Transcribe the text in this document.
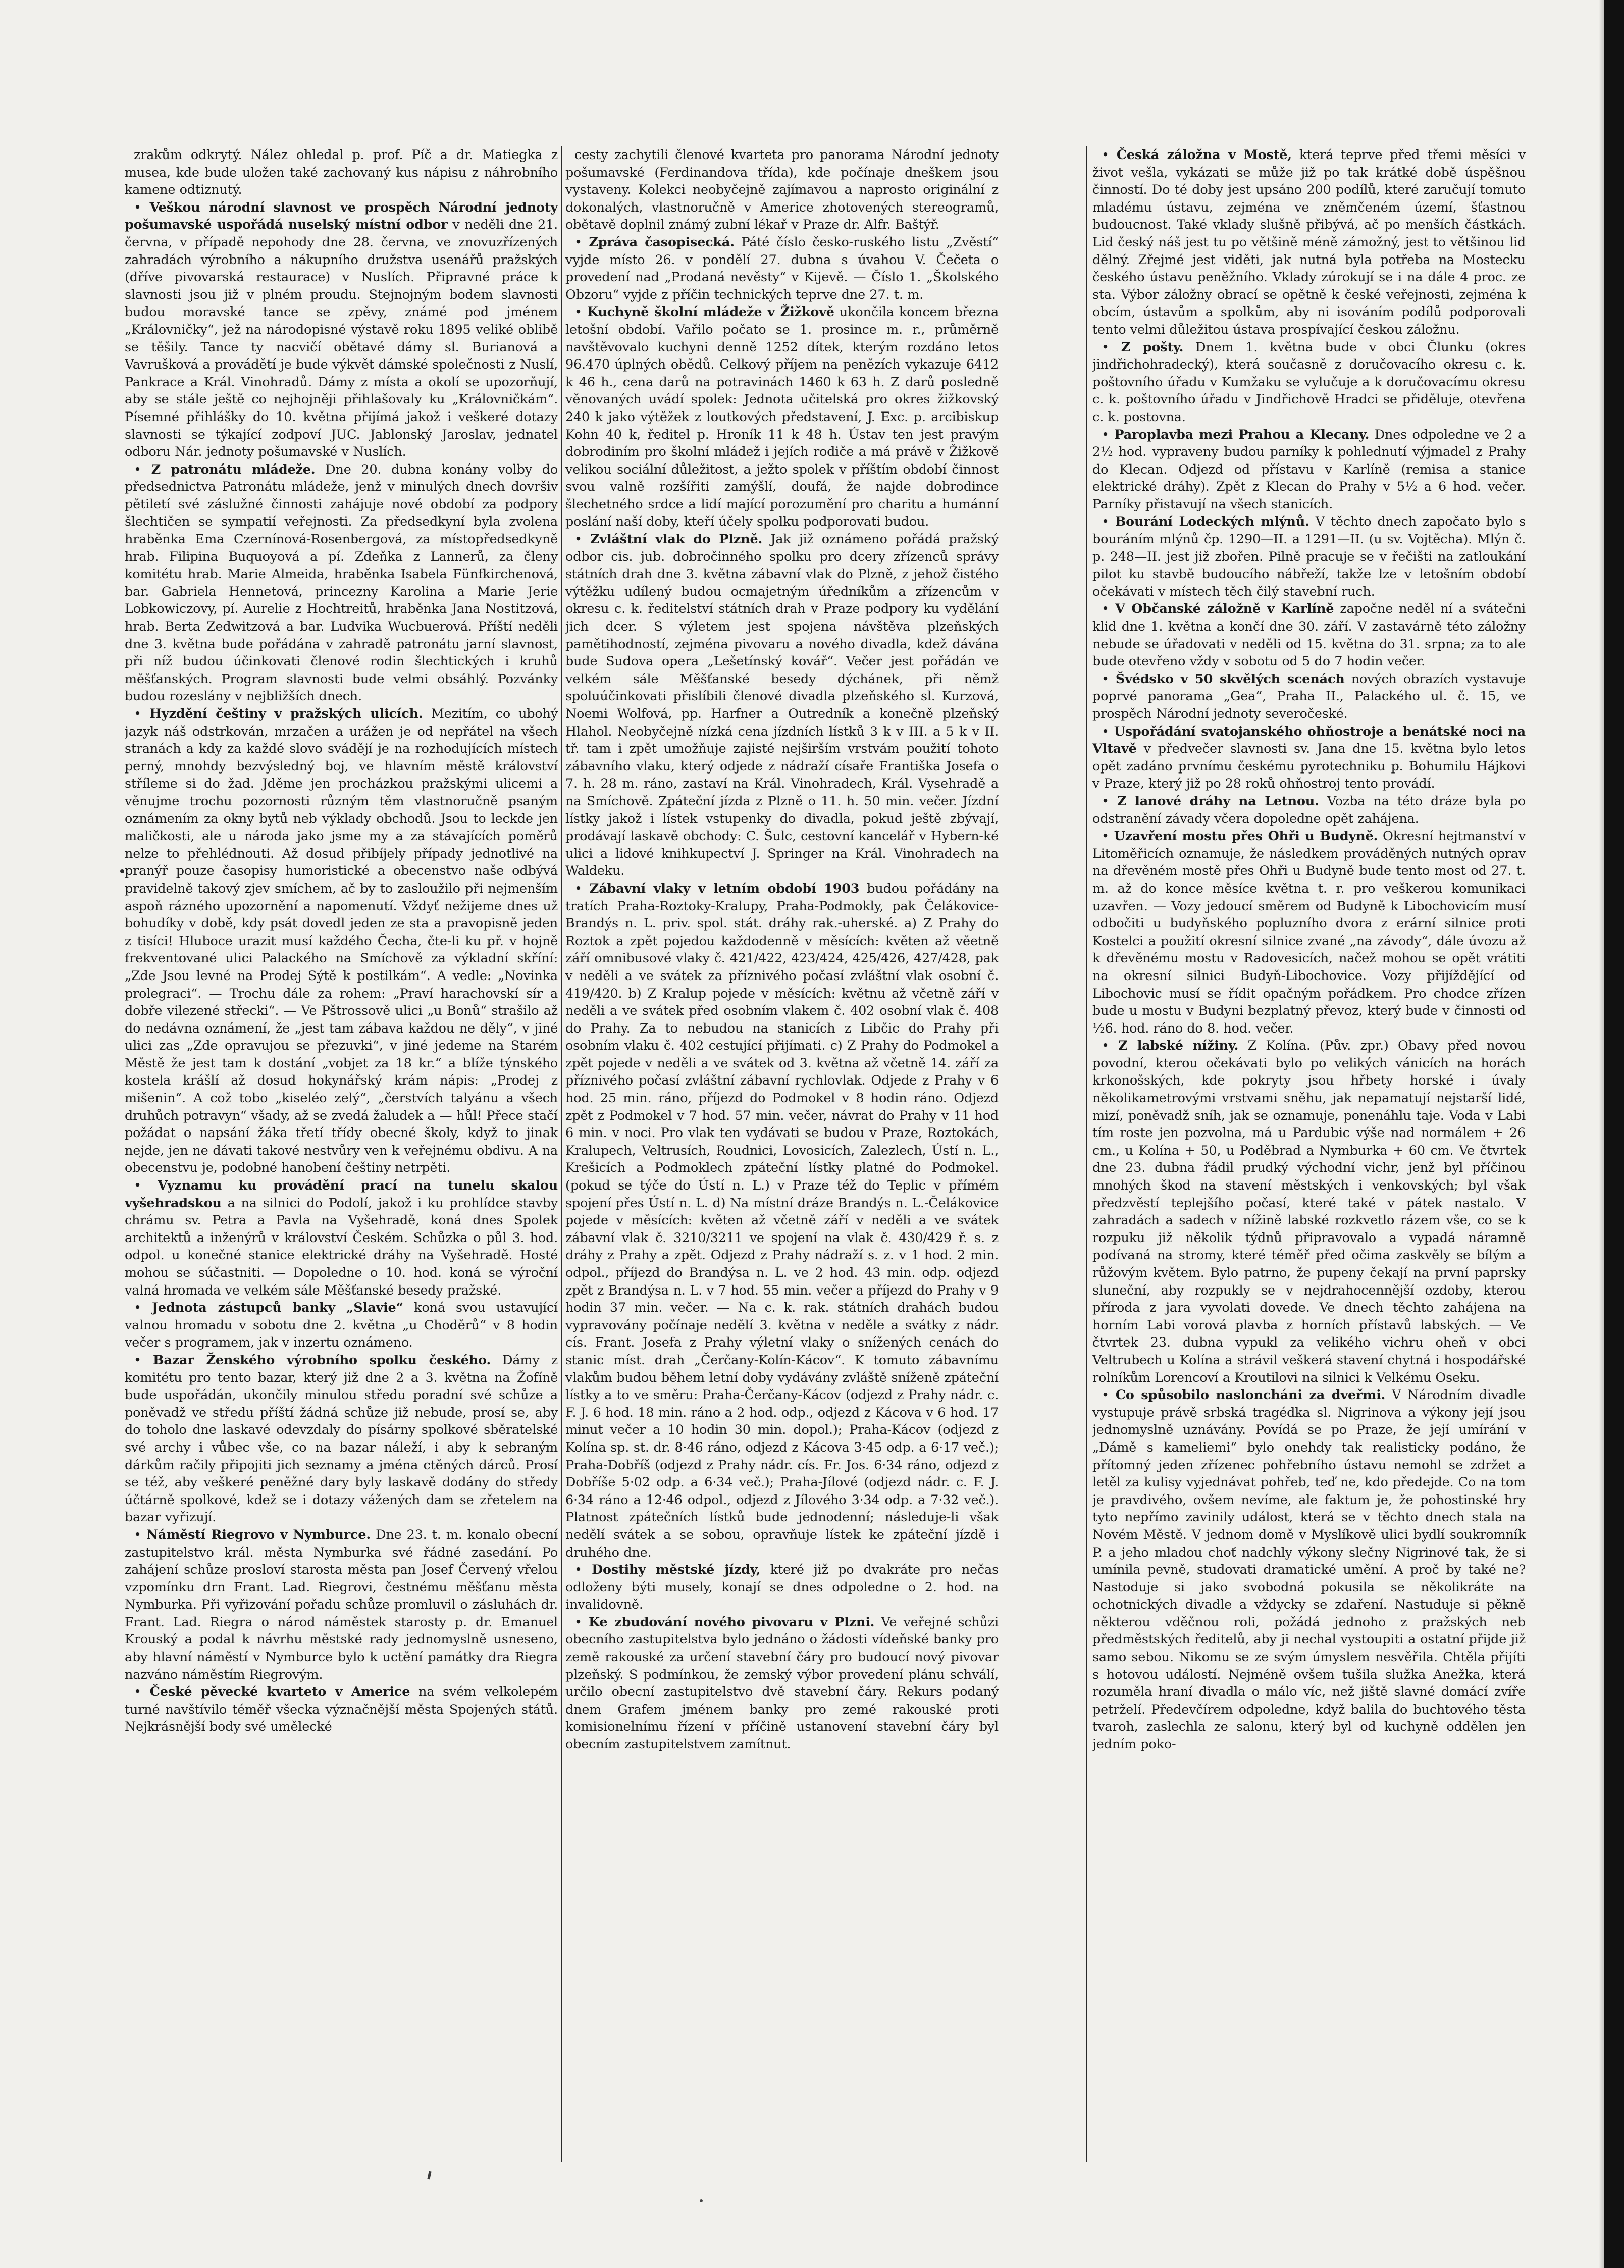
zrakům odkrytý. Nález ohledal p. prof. Píč a dr. Matiegka z musea, kde bude uložen také zachovaný kus nápisu z náhrobního kamene odtiznutý.

• Veškou národní slavnost ve prospěch Národní jednoty pošumavské uspořádá nuselský místní odbor v neděli dne 21. června, v případě nepohody dne 28. června, ve znovuzřízených zahradách výrobního a nákupního družstva usenářů pražských (dříve pivovarská restaurace) v Nuslích. Připravné práce k slavnosti jsou již v plném proudu. Stejnojným bodem slavnosti budou moravské tance se zpěvy, známé pod jménem „Královničky“, jež na národopisné výstavě roku 1895 veliké oblibě se těšily. Tance ty nacvičí obětavé dámy sl. Burianová a Vavrušková a provádětí je bude výkvět dámské společnosti z Nuslí, Pankrace a Král. Vinohradů. Dámy z místa a okolí se upozorňují, aby se stále ještě co nejhojněji přihlašovaly ku „Královničkám“. Písemné přihlášky do 10. května přijímá jakož i veškeré dotazy slavnosti se týkající zodpoví JUC. Jablonský Jaroslav, jednatel odboru Nár. jednoty pošumavské v Nuslích.

• Z patronátu mládeže. Dne 20. dubna konány volby do předsednictva Patronátu mládeže, jenž v minulých dnech dovršiv pětiletí své záslužné činnosti zahájuje nové období za podpory šlechtičen se sympatií veřejnosti. Za předsedkyní byla zvolena hraběnka Ema Czernínová-Rosenbergová, za místopředsedkyně hrab. Filipina Buquoyová a pí. Zdeňka z Lannerů, za členy komitétu hrab. Marie Almeida, hraběnka Isabela Fünfkirchenová, bar. Gabriela Hennetová, princezny Karolina a Marie Jerie Lobkowiczovy, pí. Aurelie z Hochtreitů, hraběnka Jana Nostitzová, hrab. Berta Zedwitzová a bar. Ludvika Wucbuerová. Příští neděli dne 3. května bude pořádána v zahradě patronátu jarní slavnost, při níž budou účinkovati členové rodin šlechtických i kruhů měšťanských. Program slavnosti bude velmi obsáhlý. Pozvánky budou rozeslány v nejbližších dnech.

• Hyzdění češtiny v pražských ulicích. Mezitím, co ubohý jazyk náš odstrkován, mrzačen a urážen je od nepřátel na všech stranách a kdy za každé slovo svádějí je na rozhodujících místech perný, mnohdy bezvýsledný boj, ve hlavním městě království stříleme si do žad. Jděme jen procházkou pražskými ulicemi a věnujme trochu pozornosti různým těm vlastnoručně psaným oznámením za okny bytů neb výklady obchodů. Jsou to leckde jen maličkosti, ale u národa jako jsme my a za stávajících poměrů nelze to přehlédnouti. Až dosud přibíjely případy jednotlivé na pranýř pouze časopisy humoristické a obecenstvo naše odbývá pravidelně takový zjev smíchem, ač by to zasloužilo při nejmenším aspoň rázného upozornění a napomenutí. Vždyť nežijeme dnes už bohudíky v době, kdy psát dovedl jeden ze sta a pravopisně jeden z tisíci! Hluboce urazit musí každého Čecha, čte-li ku př. v hojně frekventované ulici Palackého na Smíchově za výkladní skříní: „Zde Jsou levné na Prodej Sýtě k postilkám“. A vedle: „Novinka prolegraci“. — Trochu dále za rohem: „Praví harachovskí sír a dobře vilezené střecki“. — Ve Pštrossově ulici „u Bonů“ strašilo až do nedávna oznámení, že „jest tam zábava každou ne děly“, v jiné ulici zas „Zde opravujou se přezuvki“, v jiné jedeme na Starém Městě že jest tam k dostání „vobjet za 18 kr.“ a blíže týnského kostela krášlí až dosud hokynářský krám nápis: „Prodej z mišenin“. A což tobo „kiseléo zelý“, „čerstvích talyánu a všech druhůch potravyn“ všady, až se zvedá žaludek a — hůl! Přece stačí požádat o napsání žáka třetí třídy obecné školy, když to jinak nejde, jen ne dávati takové nestvůry ven k veřejnému obdivu. A na obecenstvu je, podobné hanobení češtiny netrpěti.

• Vyznamu ku provádění prací na tunelu skalou vyšehradskou a na silnici do Podolí, jakož i ku prohlídce stavby chrámu sv. Petra a Pavla na Vyšehradě, koná dnes Spolek architektů a inženýrů v království Českém. Schůzka o půl 3. hod. odpol. u konečné stanice elektrické dráhy na Vyšehradě. Hosté mohou se súčastniti. — Dopoledne o 10. hod. koná se výroční valná hromada ve velkém sále Měšťanské besedy pražské.

• Jednota zástupců banky „Slavie“ koná svou ustavující valnou hromadu v sobotu dne 2. května „u Choděrů“ v 8 hodin večer s programem, jak v inzertu oznámeno.

• Bazar Ženského výrobního spolku českého. Dámy z komitétu pro tento bazar, který již dne 2 a 3. května na Žofíně bude uspořádán, ukončily minulou středu poradní své schůze a poněvadž ve středu příští žádná schůze již nebude, prosí se, aby do toholo dne laskavé odevzdaly do písárny spolkové sběratelské své archy i vůbec vše, co na bazar náleží, i aby k sebraným dárkům račily připojiti jich seznamy a jména ctěných dárců. Prosí se též, aby veškeré peněžné dary byly laskavě dodány do středy účtárně spolkové, kdež se i dotazy vážených dam se zřetelem na bazar vyřizují.

• Náměstí Riegrovo v Nymburce. Dne 23. t. m. konalo obecní zastupitelstvo král. města Nymburka své řádné zasedání. Po zahájení schůze prosloví starosta města pan Josef Červený vřelou vzpomínku drn Frant. Lad. Riegrovi, čestnému měšťanu města Nymburka. Při vyřizování pořadu schůze promluvil o zásluhách dr. Frant. Lad. Riegra o národ náměstek starosty p. dr. Emanuel Krouský a podal k návrhu městské rady jednomyslně usneseno, aby hlavní náměstí v Nymburce bylo k uctění památky dra Riegra nazváno náměstím Riegrovým.

• České pěvecké kvarteto v Americe na svém velkolepém turné navštívilo téměř všecka význačnější města Spojených států. Nejkrásnější body své umělecké

cesty zachytili členové kvarteta pro panorama Národní jednoty pošumavské (Ferdinandova třída), kde počínaje dneškem jsou vystaveny. Kolekci neobyčejně zajímavou a naprosto originální z dokonalých, vlastnoručně v Americe zhotovených stereogramů, obětavě doplnil známý zubní lékař v Praze dr. Alfr. Baštýř.

• Zpráva časopisecká. Páté číslo česko-ruského listu „Zvěstí“ vyjde místo 26. v pondělí 27. dubna s úvahou V. Čečeta o provedení nad „Prodaná nevěsty“ v Kijevě. — Číslo 1. „Školského Obzoru“ vyjde z příčin technických teprve dne 27. t. m.

• Kuchyně školní mládeže v Žižkově ukončila koncem března letošní období. Vařilo počato se 1. prosince m. r., průměrně navštěvovalo kuchyni denně 1252 dítek, kterým rozdáno letos 96.470 úplných obědů. Celkový příjem na penězích vykazuje 6412 k 46 h., cena darů na potravinách 1460 k 63 h. Z darů posledně věnovaných uvádí spolek: Jednota učitelská pro okres žižkovský 240 k jako výtěžek z loutkových představení, J. Exc. p. arcibiskup Kohn 40 k, ředitel p. Hroník 11 k 48 h. Ústav ten jest pravým dobrodiním pro školní mládež i jejích rodiče a má právě v Žižkově velikou sociální důležitost, a ježto spolek v příštím období činnost svou valně rozšířiti zamýšlí, doufá, že najde dobrodince šlechetného srdce a lidí mající porozumění pro charitu a humánní poslání naší doby, kteří účely spolku podporovati budou.

• Zvláštní vlak do Plzně. Jak již oznámeno pořádá pražský odbor cis. jub. dobročinného spolku pro dcery zřízenců správy státních drah dne 3. května zábavní vlak do Plzně, z jehož čistého výtěžku udílený budou ocmajetným úředníkům a zřízencům v okresu c. k. ředitelství státních drah v Praze podpory ku vydělání jich dcer. S výletem jest spojena návštěva plzeňských pamětihodností, zejména pivovaru a nového divadla, kdež dávána bude Sudova opera „Lešetínský kovář“. Večer jest pořádán ve velkém sále Měšťanské besedy dýchánek, při němž spoluúčinkovati přislíbili členové divadla plzeňského sl. Kurzová, Noemi Wolfová, pp. Harfner a Outredník a konečně plzeňský Hlahol. Neobyčejně nízká cena jízdních lístků 3 k v III. a 5 k v II. tř. tam i zpět umožňuje zajisté nejširším vrstvám použití tohoto zábavního vlaku, který odjede z nádraží císaře Františka Josefa o 7. h. 28 m. ráno, zastaví na Král. Vinohradech, Král. Vysehradě a na Smíchově. Zpáteční jízda z Plzně o 11. h. 50 min. večer. Jízdní lístky jakož i lístek vstupenky do divadla, pokud ještě zbývají, prodávají laskavě obchody: C. Šulc, cestovní kancelář v Hybern-ké ulici a lidové knihkupectví J. Springer na Král. Vinohradech na Waldeku.

• Zábavní vlaky v letním období 1903 budou pořádány na tratích Praha-Roztoky-Kralupy, Praha-Podmokly, pak Čelákovice-Brandýs n. L. priv. spol. stát. dráhy rak.-uherské. a) Z Prahy do Roztok a zpět pojedou každodenně v měsících: květen až věetně září omnibusové vlaky č. 421/422, 423/424, 425/426, 427/428, pak v neděli a ve svátek za příznivého počasí zvláštní vlak osobní č. 419/420. b) Z Kralup pojede v měsících: květnu až včetně září v neděli a ve svátek před osobním vlakem č. 402 osobní vlak č. 408 do Prahy. Za to nebudou na stanicích z Libčic do Prahy při osobním vlaku č. 402 cestující přijímati. c) Z Prahy do Podmokel a zpět pojede v neděli a ve svátek od 3. května až včetně 14. září za příznivého počasí zvláštní zábavní rychlovlak. Odjede z Prahy v 6 hod. 25 min. ráno, příjezd do Podmokel v 8 hodin ráno. Odjezd zpět z Podmokel v 7 hod. 57 min. večer, návrat do Prahy v 11 hod 6 min. v noci. Pro vlak ten vydávati se budou v Praze, Roztokách, Kralupech, Veltrusích, Roudnici, Lovosicích, Zalezlech, Ústí n. L., Krešicích a Podmoklech zpáteční lístky platné do Podmokel. (pokud se týče do Ústí n. L.) v Praze též do Teplic v přímém spojení přes Ústí n. L. d) Na místní dráze Brandýs n. L.-Čelákovice pojede v měsících: květen až včetně září v neděli a ve svátek zábavní vlak č. 3210/3211 ve spojení na vlak č. 430/429 ř. s. z dráhy z Prahy a zpět. Odjezd z Prahy nádraží s. z. v 1 hod. 2 min. odpol., příjezd do Brandýsa n. L. ve 2 hod. 43 min. odp. odjezd zpět z Brandýsa n. L. v 7 hod. 55 min. večer a příjezd do Prahy v 9 hodin 37 min. večer. — Na c. k. rak. státních drahách budou vypravovány počínaje nedělí 3. května v neděle a svátky z nádr. cís. Frant. Josefa z Prahy výletní vlaky o snížených cenách do stanic míst. drah „Čerčany-Kolín-Kácov“. K tomuto zábavnímu vlakům budou během letní doby vydávány zvláště sníženě zpáteční lístky a to ve směru: Praha-Čerčany-Kácov (odjezd z Prahy nádr. c. F. J. 6 hod. 18 min. ráno a 2 hod. odp., odjezd z Kácova v 6 hod. 17 minut večer a 10 hodin 30 min. dopol.); Praha-Kácov (odjezd z Kolína sp. st. dr. 8·46 ráno, odjezd z Kácova 3·45 odp. a 6·17 več.); Praha-Dobříš (odjezd z Prahy nádr. cís. Fr. Jos. 6·34 ráno, odjezd z Dobříše 5·02 odp. a 6·34 več.); Praha-Jílové (odjezd nádr. c. F. J. 6·34 ráno a 12·46 odpol., odjezd z Jílového 3·34 odp. a 7·32 več.). Platnost zpátečních lístků bude jednodenní; následuje-li však nedělí svátek a se sobou, opravňuje lístek ke zpáteční jízdě i druhého dne.

• Dostihy městské jízdy, které již po dvakráte pro nečas odloženy býti musely, konají se dnes odpoledne o 2. hod. na invalidovně.

• Ke zbudování nového pivovaru v Plzni. Ve veřejné schůzi obecního zastupitelstva bylo jednáno o žádosti vídeňské banky pro země rakouské za určení stavební čáry pro budoucí nový pivovar plzeňský. S podmínkou, že zemský výbor provedení plánu schválí, určilo obecní zastupitelstvo dvě stavební čáry. Rekurs podaný dnem Grafem jménem banky pro zemé rakouské proti komisionelnímu řízení v příčině ustanovení stavební čáry byl obecním zastupitelstvem zamítnut.

• Česká záložna v Mostě, která teprve před třemi měsíci v život vešla, vykázati se může již po tak krátké době úspěšnou činností. Do té doby jest upsáno 200 podílů, které zaručují tomuto mladému ústavu, zejména ve zněmčeném území, šťastnou budoucnost. Také vklady slušně přibývá, ač po menších částkách. Lid český náš jest tu po většině méně zámožný, jest to většinou lid dělný. Zřejmé jest viděti, jak nutná byla potřeba na Mostecku českého ústavu peněžního. Vklady zúrokují se i na dále 4 proc. ze sta. Výbor záložny obrací se opětně k české veřejnosti, zejména k obcím, ústavům a spolkům, aby ni isováním podílů podporovali tento velmi důležitou ústava prospívající českou záložnu.

• Z pošty. Dnem 1. května bude v obci Člunku (okres jindřichohradecký), která současně z doručovacího okresu c. k. poštovního úřadu v Kumžaku se vylučuje a k doručovacímu okresu c. k. poštovního úřadu v Jindřichově Hradci se přiděluje, otevřena c. k. postovna.

• Paroplavba mezi Prahou a Klecany. Dnes odpoledne ve 2 a 2½ hod. vypraveny budou parníky k pohlednutí výjmadel z Prahy do Klecan. Odjezd od přístavu v Karlíně (remisa a stanice elektrické dráhy). Zpět z Klecan do Prahy v 5½ a 6 hod. večer. Parníky přistavují na všech stanicích.

• Bourání Lodeckých mlýnů. V těchto dnech započato bylo s bouráním mlýnů čp. 1290—II. a 1291—II. (u sv. Vojtěcha). Mlýn č. p. 248—II. jest již zbořen. Pilně pracuje se v řečišti na zatloukání pilot ku stavbě budoucího nábřeží, takže lze v letošním období očekávati v místech těch čilý stavební ruch.

• V Občanské záložně v Karlíně započne neděl ní a svátečni klid dne 1. května a končí dne 30. září. V zastavárně této záložny nebude se úřadovati v neděli od 15. května do 31. srpna; za to ale bude otevřeno vždy v sobotu od 5 do 7 hodin večer.

• Švédsko v 50 skvělých scenách nových obrazích vystavuje poprvé panorama „Gea“, Praha II., Palackého ul. č. 15, ve prospěch Národní jednoty severočeské.

• Uspořádání svatojanského ohňostroje a benátské noci na Vltavě v předvečer slavnosti sv. Jana dne 15. května bylo letos opět zadáno prvnímu českému pyrotechniku p. Bohumilu Hájkovi v Praze, který již po 28 roků ohňostroj tento provádí.

• Z lanové dráhy na Letnou. Vozba na této dráze byla po odstranění závady včera dopoledne opět zahájena.

• Uzavření mostu přes Ohři u Budyně. Okresní hejtmanství v Litoměřicích oznamuje, že následkem prováděných nutných oprav na dřevěném mostě přes Ohři u Budyně bude tento most od 27. t. m. až do konce měsíce května t. r. pro veškerou komunikaci uzavřen. — Vozy jedoucí směrem od Budyně k Libochovicím musí odbočiti u budyňského popluzního dvora z erární silnice proti Kostelci a použití okresní silnice zvané „na závody“, dále úvozu až k dřevěnému mostu v Radovesicích, načež mohou se opět vrátiti na okresní silnici Budyň-Libochovice. Vozy přijíždějící od Libochovic musí se řídit opačným pořádkem. Pro chodce zřízen bude u mostu v Budyni bezplatný převoz, který bude v činnosti od ½6. hod. ráno do 8. hod. večer.

• Z labské nížiny. Z Kolína. (Pův. zpr.) Obavy před novou povodní, kterou očekávati bylo po velikých vánicích na horách krkonošských, kde pokryty jsou hřbety horské i úvaly několikametrovými vrstvami sněhu, jak nepamatují nejstarší lidé, mizí, poněvadž sníh, jak se oznamuje, ponenáhlu taje. Voda v Labi tím roste jen pozvolna, má u Pardubic výše nad normálem + 26 cm., u Kolína + 50, u Poděbrad a Nymburka + 60 cm. Ve čtvrtek dne 23. dubna řádil prudký východní vichr, jenž byl příčinou mnohých škod na stavení městských i venkovských; byl však předzvěstí teplejšího počasí, které také v pátek nastalo. V zahradách a sadech v nížině labské rozkvetlo rázem vše, co se k rozpuku již několik týdnů připravovalo a vypadá náramně podívaná na stromy, které téměř před očima zaskvěly se bílým a růžovým květem. Bylo patrno, že pupeny čekají na první paprsky sluneční, aby rozpukly se v nejdrahocennější ozdoby, kterou příroda z jara vyvolati dovede. Ve dnech těchto zahájena na horním Labi vorová plavba z horních přístavů labských. — Ve čtvrtek 23. dubna vypukl za velikého vichru oheň v obci Veltrubech u Kolína a strávil veškerá stavení chytná i hospodářské rolníkům Lorencoví a Kroutilovi na silnici k Velkému Oseku.

• Co spůsobilo nasloncháni za dveřmi. V Národním divadle vystupuje právě srbská tragédka sl. Nigrinova a výkony její jsou jednomyslně uznávány. Povídá se po Praze, že její umírání v „Dámě s kameliemi“ bylo onehdy tak realisticky podáno, že přítomný jeden zřízenec pohřebního ústavu nemohl se zdržet a letěl za kulisy vyjednávat pohřeb, teď ne, kdo předejde. Co na tom je pravdivého, ovšem nevíme, ale faktum je, že pohostinské hry tyto nepřímo zavinily událost, která se v těchto dnech stala na Novém Městě. V jednom domě v Myslíkově ulici bydlí soukromník P. a jeho mladou choť nadchly výkony slečny Nigrinové tak, že si umínila pevně, studovati dramatické umění. A proč by také ne? Nastoduje si jako svobodná pokusila se několikráte na ochotnických divadle a vždycky se zdaření. Nastuduje si pěkně některou vděčnou roli, požádá jednoho z pražských neb předměstských ředitelů, aby ji nechal vystoupiti a ostatní přijde již samo sebou. Nikomu se ze svým úmyslem nesvěřila. Chtěla přijíti s hotovou událostí. Nejméně ovšem tušila služka Anežka, která rozuměla hraní divadla o málo víc, než jiště slavné domácí zvíře petrželí. Předevčírem odpoledne, když balila do buchtového těsta tvaroh, zaslechla ze salonu, který byl od kuchyně oddělen jen jedním poko-
